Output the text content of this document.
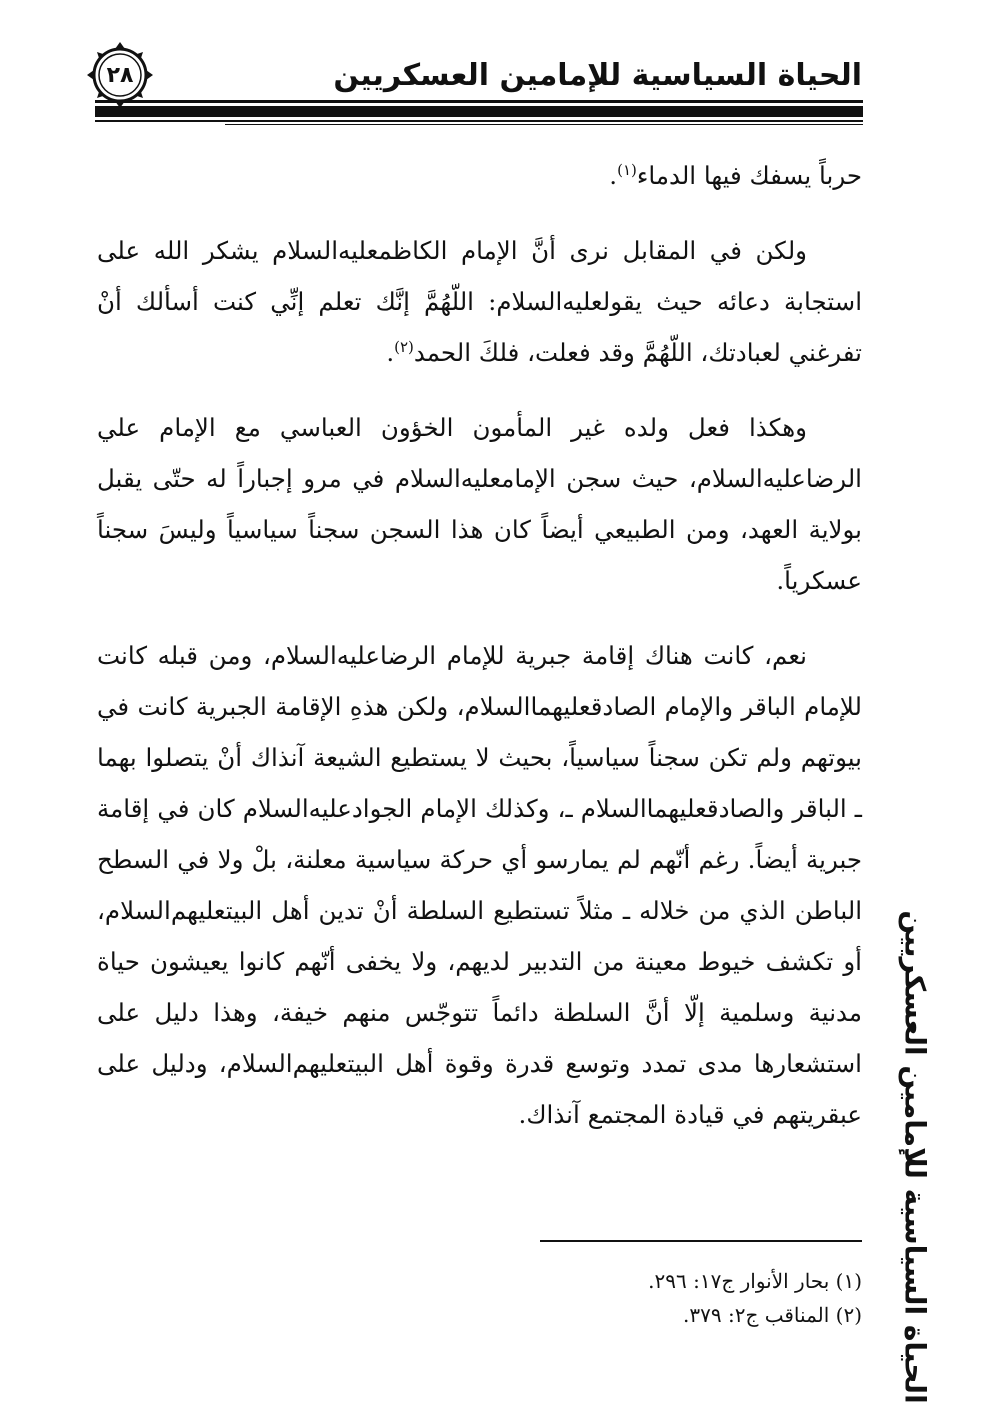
الحياة السياسية للإمامين العسكريين
٢٨

حرباً يسفك فيها الدماء$^{(١)}$.

ولكن في المقابل نرى أنَّ الإمام الكاظمعليه‌السلام يشكر الله على استجابة دعائه حيث يقولعليه‌السلام: اللّهُمَّ إنَّك تعلم إنِّي كنت أسألك أنْ تفرغني لعبادتك، اللّهُمَّ وقد فعلت، فلكَ الحمد$^{(٢)}$.

وهكذا فعل ولده غير المأمون الخؤون العباسي مع الإمام علي الرضاعليه‌السلام، حيث سجن الإمامعليه‌السلام في مرو إجباراً له حتّى يقبل بولاية العهد، ومن الطبيعي أيضاً كان هذا السجن سجناً سياسياً وليسَ سجناً عسكرياً.

نعم، كانت هناك إقامة جبرية للإمام الرضاعليه‌السلام، ومن قبله كانت للإمام الباقر والإمام الصادقعليهما‌السلام، ولكن هذهِ الإقامة الجبرية كانت في بيوتهم ولم تكن سجناً سياسياً، بحيث لا يستطيع الشيعة آنذاك أنْ يتصلوا بهما ـ الباقر والصادقعليهما‌السلام ـ، وكذلك الإمام الجوادعليه‌السلام كان في إقامة جبرية أيضاً. رغم أنّهم لم يمارسو أي حركة سياسية معلنة، بلْ ولا في السطح الباطن الذي من خلاله ـ مثلاً تستطيع السلطة أنْ تدين أهل البيتعليهم‌السلام، أو تكشف خيوط معينة من التدبير لديهم، ولا يخفى أنّهم كانوا يعيشون حياة مدنية وسلمية إلّا أنَّ السلطة دائماً تتوجّس منهم خيفة، وهذا دليل على استشعارها مدى تمدد وتوسع قدرة وقوة أهل البيتعليهم‌السلام، ودليل على عبقريتهم في قيادة المجتمع آنذاك.

(١) بحار الأنوار ج١٧: ٢٩٦.

(٢) المناقب ج٢: ٣٧٩. الحياة السياسية للإمامين العسكريين
